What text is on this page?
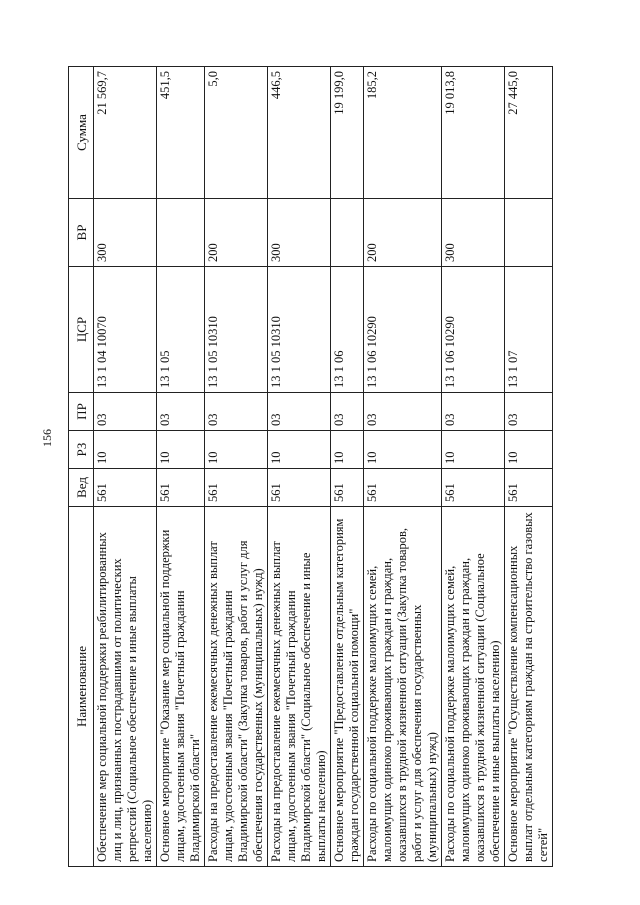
156
Наименование	Вед	РЗ	ПР	ЦСР	ВР	Сумма
Обеспечение мер социальной поддержки реабилитированных лиц и лиц, признанных пострадавшими от политических репрессий (Социальное обеспечение и иные выплаты населению)	561	10	03	13 1 04 10070	300	21 569,7
Основное мероприятие "Оказание мер социальной поддержки лицам, удостоенным звания "Почетный гражданин Владимирской области"	561	10	03	13 1 05		451,5
Расходы на предоставление ежемесячных денежных выплат лицам, удостоенным звания "Почетный гражданин Владимирской области" (Закупка товаров, работ и услуг для обеспечения государственных (муниципальных) нужд)	561	10	03	13 1 05 10310	200	5,0
Расходы на предоставление ежемесячных денежных выплат лицам, удостоенным звания "Почетный гражданин Владимирской области" (Социальное обеспечение и иные выплаты населению)	561	10	03	13 1 05 10310	300	446,5
Основное мероприятие "Предоставление отдельным категориям граждан государственной социальной помощи"	561	10	03	13 1 06		19 199,0
Расходы по социальной поддержке малоимущих семей, малоимущих одиноко проживающих граждан и граждан, оказавшихся в трудной жизненной ситуации (Закупка товаров, работ и услуг для обеспечения государственных (муниципальных) нужд)	561	10	03	13 1 06 10290	200	185,2
Расходы по социальной поддержке малоимущих семей, малоимущих одиноко проживающих граждан и граждан, оказавшихся в трудной жизненной ситуации (Социальное обеспечение и иные выплаты населению)	561	10	03	13 1 06 10290	300	19 013,8
Основное мероприятие "Осуществление компенсационных выплат отдельным категориям граждан на строительство газовых сетей"	561	10	03	13 1 07		27 445,0
